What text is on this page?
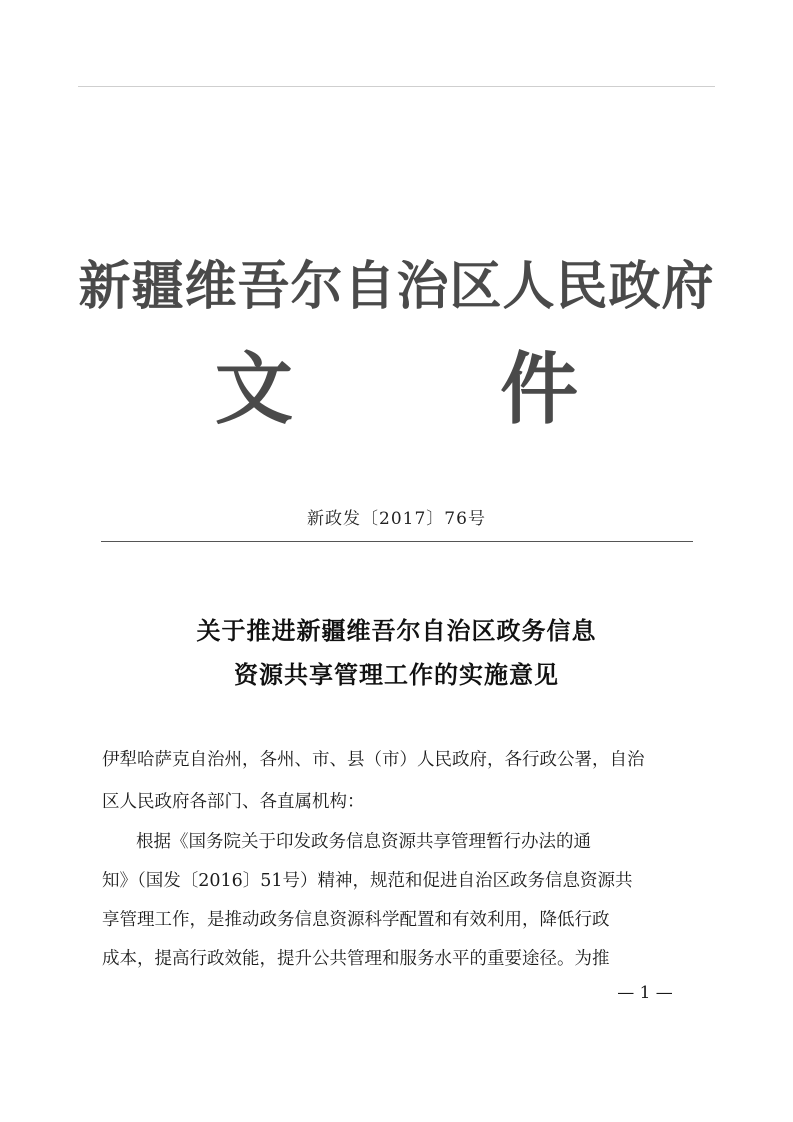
新疆维吾尔自治区人民政府
文 件
新政发〔2017〕76号
关于推进新疆维吾尔自治区政务信息
资源共享管理工作的实施意见
伊犁哈萨克自治州，各州、市、县（市）人民政府，各行政公署，自治
区人民政府各部门、各直属机构：
根据《国务院关于印发政务信息资源共享管理暂行办法的通
知》（国发〔2016〕51号）精神，规范和促进自治区政务信息资源共
享管理工作，是推动政务信息资源科学配置和有效利用，降低行政
成本，提高行政效能，提升公共管理和服务水平的重要途径。为推
— 1 —
